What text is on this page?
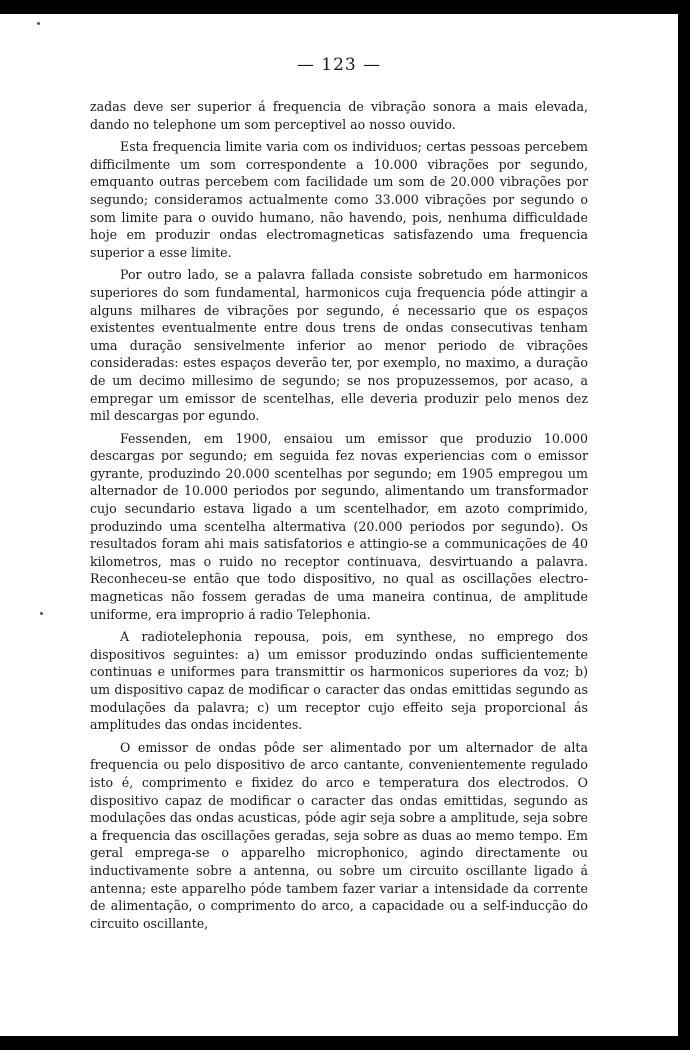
— 123 —

zadas deve ser superior á frequencia de vibração sonora a mais elevada, dando no telephone um som perceptivel ao nosso ouvido.

Esta frequencia limite varia com os individuos; certas pessoas percebem difficilmente um som correspondente a 10.000 vibrações por segundo, emquanto outras percebem com facilidade um som de 20.000 vibrações por segundo; consideramos actualmente como 33.000 vibrações por segundo o som limite para o ouvido humano, não havendo, pois, nenhuma difficuldade hoje em produzir ondas electromagneticas satisfazendo uma frequencia superior a esse limite.

Por outro lado, se a palavra fallada consiste sobretudo em harmonicos superiores do som fundamental, harmonicos cuja frequencia póde attingir a alguns milhares de vibrações por segundo, é necessario que os espaços existentes eventualmente entre dous trens de ondas consecutivas tenham uma duração sensivelmente inferior ao menor periodo de vibrações consideradas: estes espaços deverão ter, por exemplo, no maximo, a duração de um decimo millesimo de segundo; se nos propuzessemos, por acaso, a empregar um emissor de scentelhas, elle deveria produzir pelo menos dez mil descargas por egundo.

Fessenden, em 1900, ensaiou um emissor que produzio 10.000 descargas por segundo; em seguida fez novas experiencias com o emissor gyrante, produzindo 20.000 scentelhas por segundo; em 1905 empregou um alternador de 10.000 periodos por segundo, alimentando um transformador cujo secundario estava ligado a um scentelhador, em azoto comprimido, produzindo uma scentelha altermativa (20.000 periodos por segundo). Os resultados foram ahi mais satisfatorios e attingio-se a communicações de 40 kilometros, mas o ruido no receptor continuava, desvirtuando a palavra. Reconheceu-se então que todo dispositivo, no qual as oscillações electro-magneticas não fossem geradas de uma maneira continua, de amplitude uniforme, era improprio á radio Telephonia.

A radiotelephonia repousa, pois, em synthese, no emprego dos dispositivos seguintes: a) um emissor produzindo ondas sufficientemente continuas e uniformes para transmittir os harmonicos superiores da voz; b) um dispositivo capaz de modificar o caracter das ondas emittidas segundo as modulações da palavra; c) um receptor cujo effeito seja proporcional ás amplitudes das ondas incidentes.

O emissor de ondas pôde ser alimentado por um alternador de alta frequencia ou pelo dispositivo de arco cantante, convenientemente regulado isto é, comprimento e fixidez do arco e temperatura dos electrodos. O dispositivo capaz de modificar o caracter das ondas emittidas, segundo as modulações das ondas acusticas, póde agir seja sobre a amplitude, seja sobre a frequencia das oscillações geradas, seja sobre as duas ao memo tempo. Em geral emprega-se o apparelho microphonico, agindo directamente ou inductivamente sobre a antenna, ou sobre um circuito oscillante ligado á antenna; este apparelho póde tambem fazer variar a intensidade da corrente de alimentação, o comprimento do arco, a capacidade ou a self-inducção do circuito oscillante,
